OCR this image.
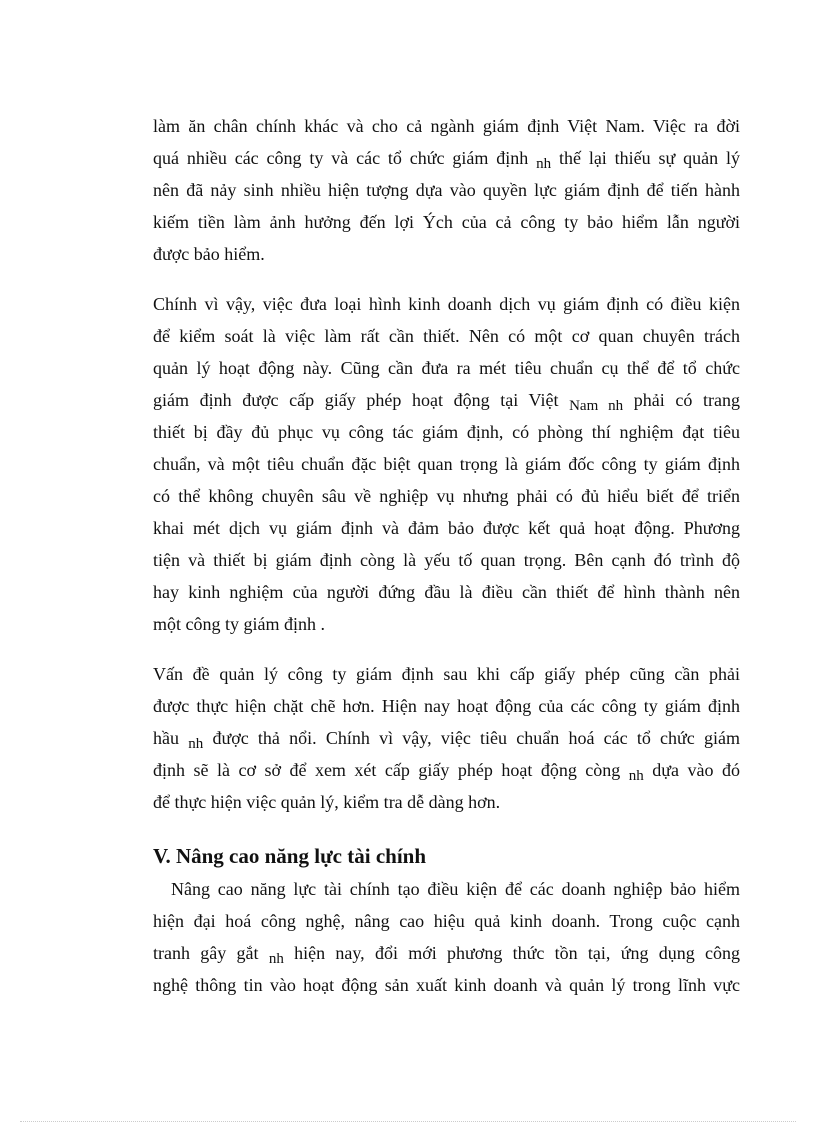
làm ăn chân chính khác và cho cả ngành giám định Việt Nam. Việc ra đời
quá nhiều các công ty và các tổ chức giám định $_{nh}$ thế lại thiếu sự quản lý
nên đã nảy sinh nhiều hiện tượng dựa vào quyền lực giám định để tiến hành
kiếm tiền làm ảnh hưởng đến lợi Ých của cả công ty bảo hiểm lẫn người
được bảo hiểm.
Chính vì vậy, việc đưa loại hình kinh doanh dịch vụ giám định có điều kiện
để kiểm soát là việc làm rất cần thiết. Nên có một cơ quan chuyên trách
quản lý hoạt động này. Cũng cần đưa ra mét tiêu chuẩn cụ thể để tổ chức
giám định được cấp giấy phép hoạt động tại Việt $_{Nam nh}$ phải có trang
thiết bị đầy đủ phục vụ công tác giám định, có phòng thí nghiệm đạt tiêu
chuẩn, và một tiêu chuẩn đặc biệt quan trọng là giám đốc công ty giám định
có thể không chuyên sâu về nghiệp vụ nhưng phải có đủ hiểu biết để triển
khai mét dịch vụ giám định và đảm bảo được kết quả hoạt động. Phương
tiện và thiết bị giám định còng là yếu tố quan trọng. Bên cạnh đó trình độ
hay kinh nghiệm của người đứng đầu là điều cần thiết để hình thành nên
một công ty giám định .
Vấn đề quản lý công ty giám định sau khi cấp giấy phép cũng cần phải
được thực hiện chặt chẽ hơn. Hiện nay hoạt động của các công ty giám định
hầu $_{nh}$ được thả nổi. Chính vì vậy, việc tiêu chuẩn hoá các tổ chức giám
định sẽ là cơ sở để xem xét cấp giấy phép hoạt động còng $_{nh}$ dựa vào đó
để thực hiện việc quản lý, kiểm tra dễ dàng hơn.
V. Nâng cao năng lực tài chính
Nâng cao năng lực tài chính tạo điều kiện để các doanh nghiệp bảo hiểm
hiện đại hoá công nghệ, nâng cao hiệu quả kinh doanh. Trong cuộc cạnh
tranh gây gắt $_{nh}$ hiện nay, đổi mới phương thức tồn tại, ứng dụng công
nghệ thông tin vào hoạt động sản xuất kinh doanh và quản lý trong lĩnh vực
